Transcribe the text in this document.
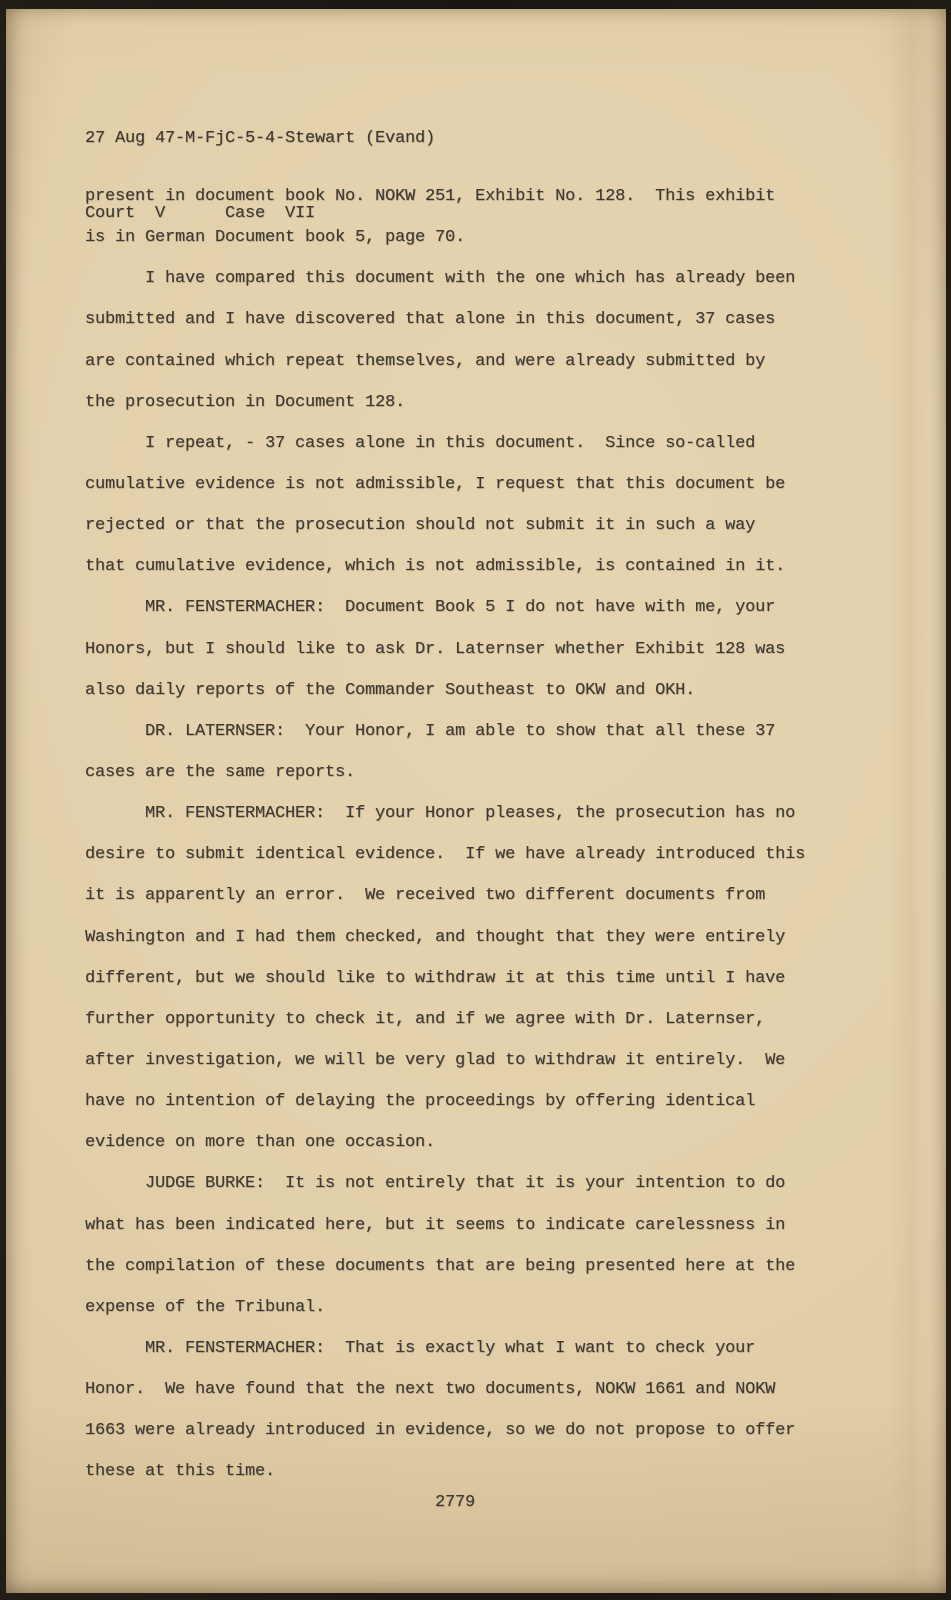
27 Aug 47-M-FjC-5-4-Stewart (Evand)

Court  V      Case  VII

present in document book No. NOKW 251, Exhibit No. 128.  This exhibit
is in German Document book 5, page 70.
I have compared this document with the one which has already been
submitted and I have discovered that alone in this document, 37 cases
are contained which repeat themselves, and were already submitted by
the prosecution in Document 128.
I repeat, - 37 cases alone in this document.  Since so-called
cumulative evidence is not admissible, I request that this document be
rejected or that the prosecution should not submit it in such a way
that cumulative evidence, which is not admissible, is contained in it.
MR. FENSTERMACHER:  Document Book 5 I do not have with me, your
Honors, but I should like to ask Dr. Laternser whether Exhibit 128 was
also daily reports of the Commander Southeast to OKW and OKH.
DR. LATERNSER:  Your Honor, I am able to show that all these 37
cases are the same reports.
MR. FENSTERMACHER:  If your Honor pleases, the prosecution has no
desire to submit identical evidence.  If we have already introduced this
it is apparently an error.  We received two different documents from
Washington and I had them checked, and thought that they were entirely
different, but we should like to withdraw it at this time until I have
further opportunity to check it, and if we agree with Dr. Laternser,
after investigation, we will be very glad to withdraw it entirely.  We
have no intention of delaying the proceedings by offering identical
evidence on more than one occasion.
JUDGE BURKE:  It is not entirely that it is your intention to do
what has been indicated here, but it seems to indicate carelessness in
the compilation of these documents that are being presented here at the
expense of the Tribunal.
MR. FENSTERMACHER:  That is exactly what I want to check your
Honor.  We have found that the next two documents, NOKW 1661 and NOKW
1663 were already introduced in evidence, so we do not propose to offer
these at this time.
2779
